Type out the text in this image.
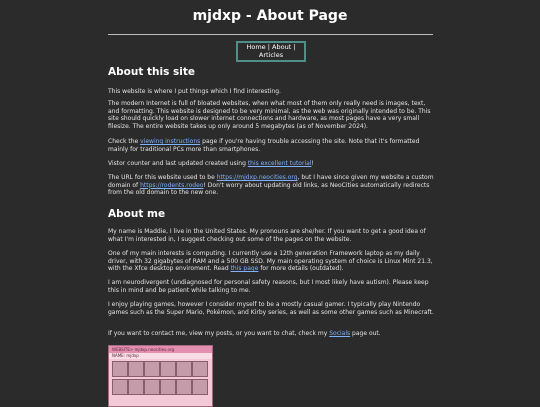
mjdxp - About Page
Home | About |
Articles
About this site

This website is where I put things which I find interesting.

The modern Internet is full of bloated websites, when what most of them only really need is images, text, and formatting. This website is designed to be very minimal, as the web was originally intended to be. This site should quickly load on slower internet connections and hardware, as most pages have a very small filesize. The entire website takes up only around 5 megabytes (as of November 2024).

Check the viewing instructions page if you're having trouble accessing the site. Note that it's formatted mainly for traditional PCs more than smartphones.

Vistor counter and last updated created using this excellent tutorial!

The URL for this website used to be https://mjdxp.neocities.org, but I have since given my website a custom domain of https://rodents.rodeo! Don't worry about updating old links, as NeoCities automatically redirects from the old domain to the new one.

About me

My name is Maddie, I live in the United States. My pronouns are she/her. If you want to get a good idea of what I'm interested in, I suggest checking out some of the pages on the website.

One of my main interests is computing. I currently use a 12th generation Framework laptop as my daily driver, with 32 gigabytes of RAM and a 500 GB SSD. My main operating system of choice is Linux Mint 21.3, with the Xfce desktop enviroment. Read this page for more details (outdated).

I am neurodivergent (undiagnosed for personal safety reasons, but I most likely have autism). Please keep this in mind and be patient while talking to me.

I enjoy playing games, however I consider myself to be a mostly casual gamer. I typically play Nintendo games such as the Super Mario, Pokémon, and Kirby series, as well as some other games such as Minecraft.

If you want to contact me, view my posts, or you want to chat, check my Socials page out.

WEBSITE> mjdxp.neocities.org
NAME: mjdxp
